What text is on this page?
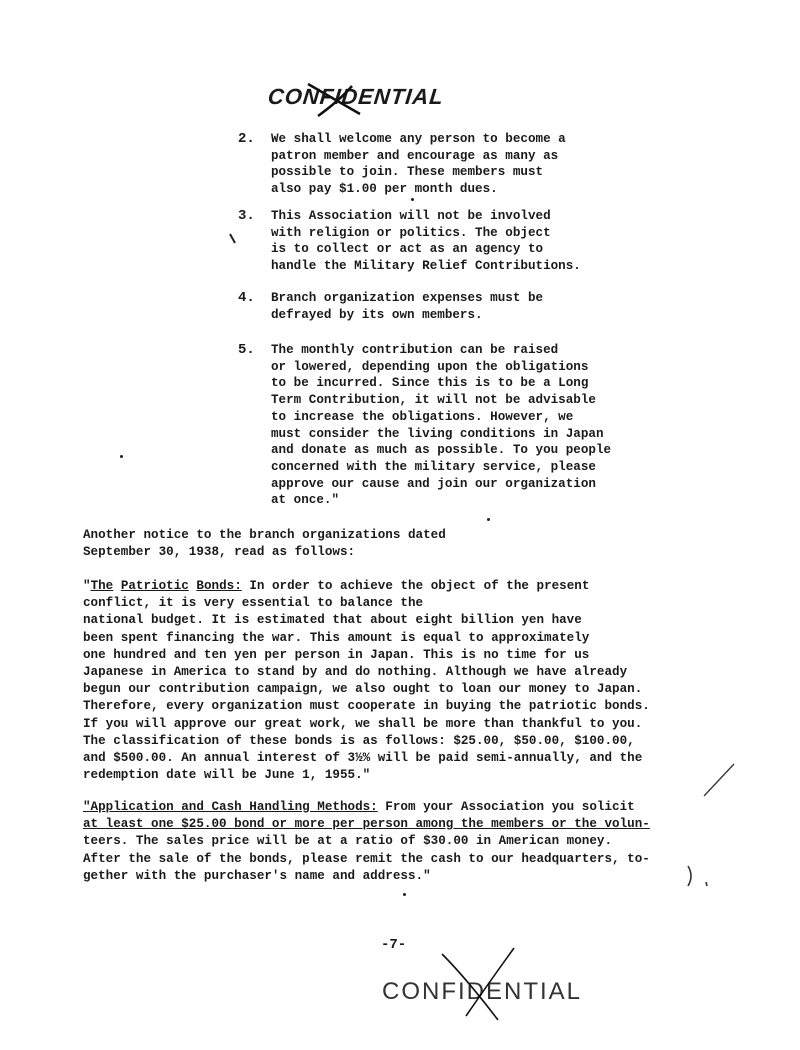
CONFIDENTIAL
2. We shall welcome any person to become a
patron member and encourage as many as
possible to join. These members must
also pay $1.00 per month dues.
3. This Association will not be involved
with religion or politics. The object
is to collect or act as an agency to
handle the Military Relief Contributions.
4. Branch organization expenses must be
defrayed by its own members.
5. The monthly contribution can be raised
or lowered, depending upon the obligations
to be incurred. Since this is to be a Long
Term Contribution, it will not be advisable
to increase the obligations. However, we
must consider the living conditions in Japan
and donate as much as possible. To you people
concerned with the military service, please
approve our cause and join our organization
at once."
Another notice to the branch organizations dated
September 30, 1938, read as follows:
"The Patriotic Bonds: In order to achieve the object of the present
conflict, it is very essential to balance the
national budget. It is estimated that about eight billion yen have
been spent financing the war. This amount is equal to approximately
one hundred and ten yen per person in Japan. This is no time for us
Japanese in America to stand by and do nothing. Although we have already
begun our contribution campaign, we also ought to loan our money to Japan.
Therefore, every organization must cooperate in buying the patriotic bonds.
If you will approve our great work, we shall be more than thankful to you.
The classification of these bonds is as follows: $25.00, $50.00, $100.00,
and $500.00. An annual interest of 3½% will be paid semi-annually, and the
redemption date will be June 1, 1955."
"Application and Cash Handling Methods: From your Association you solicit
at least one $25.00 bond or more per person among the members or the volun-
teers. The sales price will be at a ratio of $30.00 in American money.
After the sale of the bonds, please remit the cash to our headquarters, to-
gether with the purchaser's name and address."
-7-
CONFIDENTIAL
